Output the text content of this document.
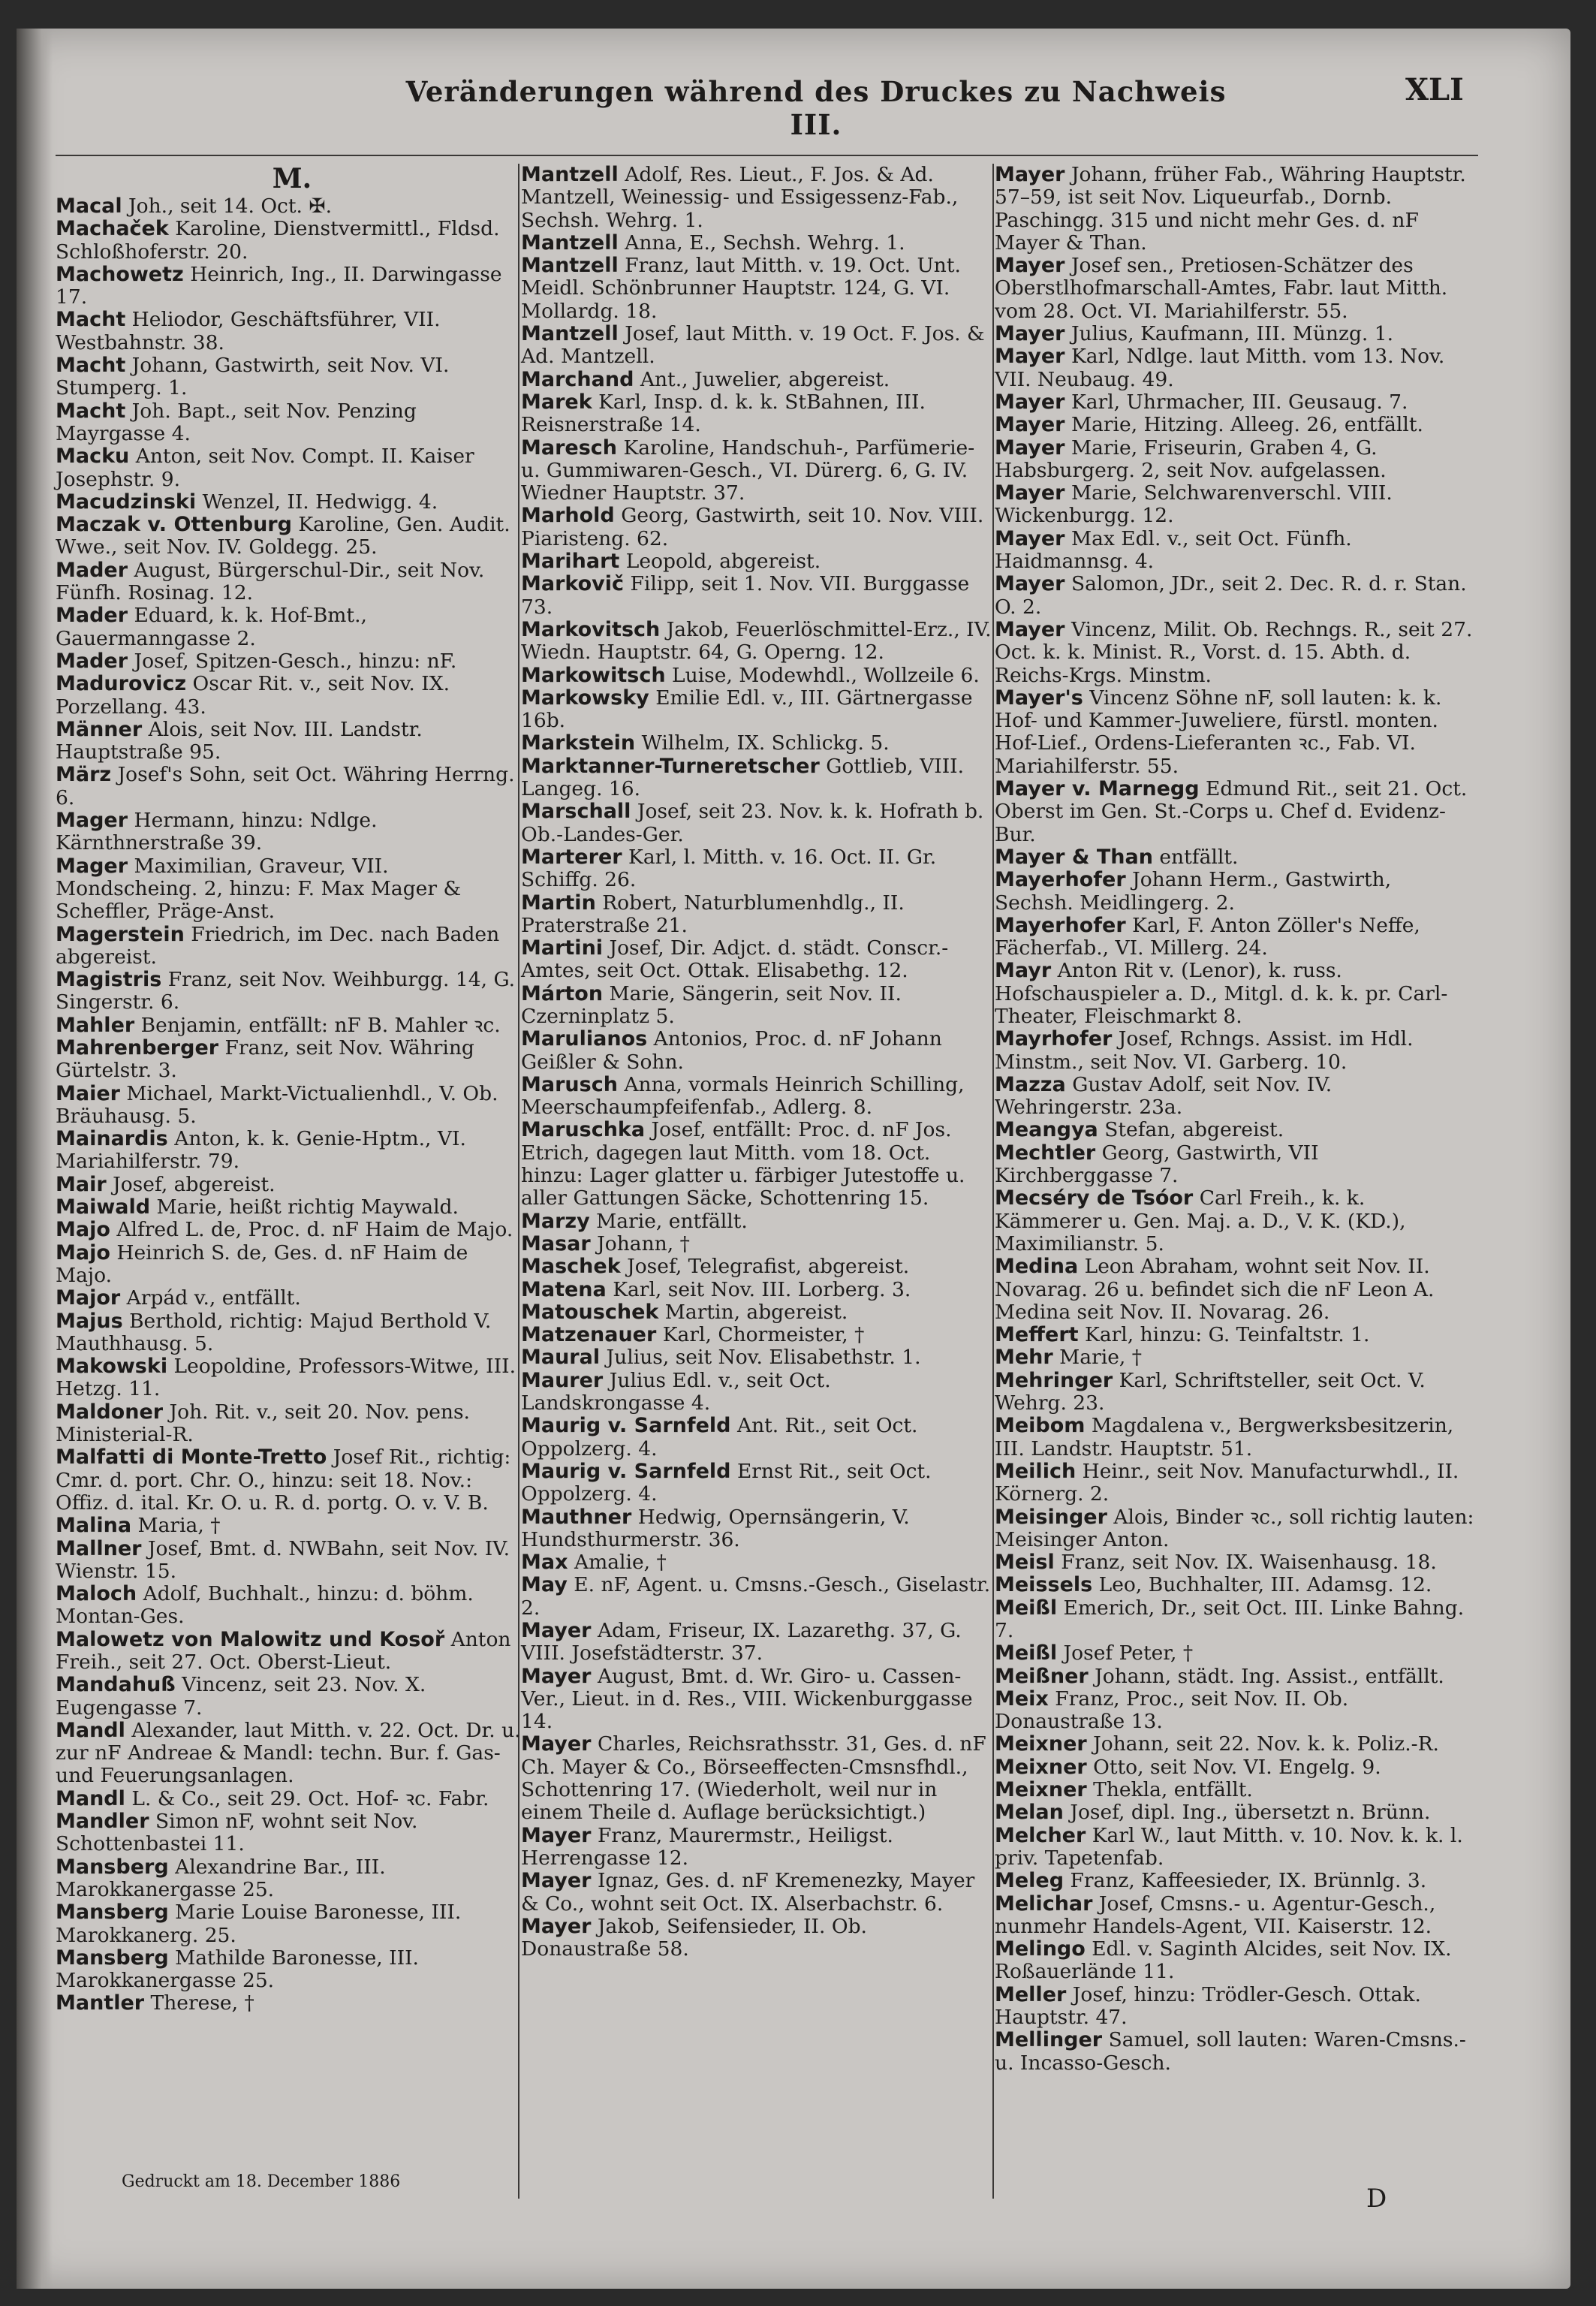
Veränderungen während des Druckes zu Nachweis III.
XLI
M.

Macal Joh., seit 14. Oct. ✠.

Machaček Karoline, Dienstvermittl., Fldsd. Schloßhoferstr. 20.

Machowetz Heinrich, Ing., II. Darwingasse 17.

Macht Heliodor, Geschäftsführer, VII. Westbahnstr. 38.

Macht Johann, Gastwirth, seit Nov. VI. Stumperg. 1.

Macht Joh. Bapt., seit Nov. Penzing Mayrgasse 4.

Macku Anton, seit Nov. Compt. II. Kaiser Josephstr. 9.

Macudzinski Wenzel, II. Hedwigg. 4.

Maczak v. Ottenburg Karoline, Gen. Audit. Wwe., seit Nov. IV. Goldegg. 25.

Mader August, Bürgerschul-Dir., seit Nov. Fünfh. Rosinag. 12.

Mader Eduard, k. k. Hof-Bmt., Gauermanngasse 2.

Mader Josef, Spitzen-Gesch., hinzu: nF.

Madurovicz Oscar Rit. v., seit Nov. IX. Porzellang. 43.

Männer Alois, seit Nov. III. Landstr. Hauptstraße 95.

März Josef's Sohn, seit Oct. Währing Herrng. 6.

Mager Hermann, hinzu: Ndlge. Kärnthnerstraße 39.

Mager Maximilian, Graveur, VII. Mondscheing. 2, hinzu: F. Max Mager & Scheffler, Präge-Anst.

Magerstein Friedrich, im Dec. nach Baden abgereist.

Magistris Franz, seit Nov. Weihburgg. 14, G. Singerstr. 6.

Mahler Benjamin, entfällt: nF B. Mahler ꝛc.

Mahrenberger Franz, seit Nov. Währing Gürtelstr. 3.

Maier Michael, Markt-Victualienhdl., V. Ob. Bräuhausg. 5.

Mainardis Anton, k. k. Genie-Hptm., VI. Mariahilferstr. 79.

Mair Josef, abgereist.

Maiwald Marie, heißt richtig Maywald.

Majo Alfred L. de, Proc. d. nF Haim de Majo.

Majo Heinrich S. de, Ges. d. nF Haim de Majo.

Major Arpád v., entfällt.

Majus Berthold, richtig: Majud Berthold V. Mauthhausg. 5.

Makowski Leopoldine, Professors-Witwe, III. Hetzg. 11.

Maldoner Joh. Rit. v., seit 20. Nov. pens. Ministerial-R.

Malfatti di Monte-Tretto Josef Rit., richtig: Cmr. d. port. Chr. O., hinzu: seit 18. Nov.: Offiz. d. ital. Kr. O. u. R. d. portg. O. v. V. B.

Malina Maria, †

Mallner Josef, Bmt. d. NWBahn, seit Nov. IV. Wienstr. 15.

Maloch Adolf, Buchhalt., hinzu: d. böhm. Montan-Ges.

Malowetz von Malowitz und Kosoř Anton Freih., seit 27. Oct. Oberst-Lieut.

Mandahuß Vincenz, seit 23. Nov. X. Eugengasse 7.

Mandl Alexander, laut Mitth. v. 22. Oct. Dr. u. zur nF Andreae & Mandl: techn. Bur. f. Gas- und Feuerungsanlagen.

Mandl L. & Co., seit 29. Oct. Hof- ꝛc. Fabr.

Mandler Simon nF, wohnt seit Nov. Schottenbastei 11.

Mansberg Alexandrine Bar., III. Marokkanergasse 25.

Mansberg Marie Louise Baronesse, III. Marokkanerg. 25.

Mansberg Mathilde Baronesse, III. Marokkanergasse 25.

Mantler Therese, †

Mantzell Adolf, Res. Lieut., F. Jos. & Ad. Mantzell, Weinessig- und Essigessenz-Fab., Sechsh. Wehrg. 1.

Mantzell Anna, E., Sechsh. Wehrg. 1.

Mantzell Franz, laut Mitth. v. 19. Oct. Unt. Meidl. Schönbrunner Hauptstr. 124, G. VI. Mollardg. 18.

Mantzell Josef, laut Mitth. v. 19 Oct. F. Jos. & Ad. Mantzell.

Marchand Ant., Juwelier, abgereist.

Marek Karl, Insp. d. k. k. StBahnen, III. Reisnerstraße 14.

Maresch Karoline, Handschuh-, Parfümerie- u. Gummiwaren-Gesch., VI. Dürerg. 6, G. IV. Wiedner Hauptstr. 37.

Marhold Georg, Gastwirth, seit 10. Nov. VIII. Piaristeng. 62.

Marihart Leopold, abgereist.

Markovič Filipp, seit 1. Nov. VII. Burggasse 73.

Markovitsch Jakob, Feuerlöschmittel-Erz., IV. Wiedn. Hauptstr. 64, G. Operng. 12.

Markowitsch Luise, Modewhdl., Wollzeile 6.

Markowsky Emilie Edl. v., III. Gärtnergasse 16b.

Markstein Wilhelm, IX. Schlickg. 5.

Marktanner-Turneretscher Gottlieb, VIII. Langeg. 16.

Marschall Josef, seit 23. Nov. k. k. Hofrath b. Ob.-Landes-Ger.

Marterer Karl, l. Mitth. v. 16. Oct. II. Gr. Schiffg. 26.

Martin Robert, Naturblumenhdlg., II. Praterstraße 21.

Martini Josef, Dir. Adjct. d. städt. Conscr.-Amtes, seit Oct. Ottak. Elisabethg. 12.

Márton Marie, Sängerin, seit Nov. II. Czerninplatz 5.

Marulianos Antonios, Proc. d. nF Johann Geißler & Sohn.

Marusch Anna, vormals Heinrich Schilling, Meerschaumpfeifenfab., Adlerg. 8.

Maruschka Josef, entfällt: Proc. d. nF Jos. Etrich, dagegen laut Mitth. vom 18. Oct. hinzu: Lager glatter u. färbiger Jutestoffe u. aller Gattungen Säcke, Schottenring 15.

Marzy Marie, entfällt.

Masar Johann, †

Maschek Josef, Telegrafist, abgereist.

Matena Karl, seit Nov. III. Lorberg. 3.

Matouschek Martin, abgereist.

Matzenauer Karl, Chormeister, †

Maural Julius, seit Nov. Elisabethstr. 1.

Maurer Julius Edl. v., seit Oct. Landskrongasse 4.

Maurig v. Sarnfeld Ant. Rit., seit Oct. Oppolzerg. 4.

Maurig v. Sarnfeld Ernst Rit., seit Oct. Oppolzerg. 4.

Mauthner Hedwig, Opernsängerin, V. Hundsthurmerstr. 36.

Max Amalie, †

May E. nF, Agent. u. Cmsns.-Gesch., Giselastr. 2.

Mayer Adam, Friseur, IX. Lazarethg. 37, G. VIII. Josefstädterstr. 37.

Mayer August, Bmt. d. Wr. Giro- u. Cassen-Ver., Lieut. in d. Res., VIII. Wickenburggasse 14.

Mayer Charles, Reichsrathsstr. 31, Ges. d. nF Ch. Mayer & Co., Börseeffecten-Cmsnsfhdl., Schottenring 17. (Wiederholt, weil nur in einem Theile d. Auflage berücksichtigt.)

Mayer Franz, Maurermstr., Heiligst. Herrengasse 12.

Mayer Ignaz, Ges. d. nF Kremenezky, Mayer & Co., wohnt seit Oct. IX. Alserbachstr. 6.

Mayer Jakob, Seifensieder, II. Ob. Donaustraße 58.

Mayer Johann, früher Fab., Währing Hauptstr. 57–59, ist seit Nov. Liqueurfab., Dornb. Paschingg. 315 und nicht mehr Ges. d. nF Mayer & Than.

Mayer Josef sen., Pretiosen-Schätzer des Oberstlhofmarschall-Amtes, Fabr. laut Mitth. vom 28. Oct. VI. Mariahilferstr. 55.

Mayer Julius, Kaufmann, III. Münzg. 1.

Mayer Karl, Ndlge. laut Mitth. vom 13. Nov. VII. Neubaug. 49.

Mayer Karl, Uhrmacher, III. Geusaug. 7.

Mayer Marie, Hitzing. Alleeg. 26, entfällt.

Mayer Marie, Friseurin, Graben 4, G. Habsburgerg. 2, seit Nov. aufgelassen.

Mayer Marie, Selchwarenverschl. VIII. Wickenburgg. 12.

Mayer Max Edl. v., seit Oct. Fünfh. Haidmannsg. 4.

Mayer Salomon, JDr., seit 2. Dec. R. d. r. Stan. O. 2.

Mayer Vincenz, Milit. Ob. Rechngs. R., seit 27. Oct. k. k. Minist. R., Vorst. d. 15. Abth. d. Reichs-Krgs. Minstm.

Mayer's Vincenz Söhne nF, soll lauten: k. k. Hof- und Kammer-Juweliere, fürstl. monten. Hof-Lief., Ordens-Lieferanten ꝛc., Fab. VI. Mariahilferstr. 55.

Mayer v. Marnegg Edmund Rit., seit 21. Oct. Oberst im Gen. St.-Corps u. Chef d. Evidenz-Bur.

Mayer & Than entfällt.

Mayerhofer Johann Herm., Gastwirth, Sechsh. Meidlingerg. 2.

Mayerhofer Karl, F. Anton Zöller's Neffe, Fächerfab., VI. Millerg. 24.

Mayr Anton Rit v. (Lenor), k. russ. Hofschauspieler a. D., Mitgl. d. k. k. pr. Carl-Theater, Fleischmarkt 8.

Mayrhofer Josef, Rchngs. Assist. im Hdl. Minstm., seit Nov. VI. Garberg. 10.

Mazza Gustav Adolf, seit Nov. IV. Wehringerstr. 23a.

Meangya Stefan, abgereist.

Mechtler Georg, Gastwirth, VII Kirchberggasse 7.

Mecséry de Tsóor Carl Freih., k. k. Kämmerer u. Gen. Maj. a. D., V. K. (KD.), Maximilianstr. 5.

Medina Leon Abraham, wohnt seit Nov. II. Novarag. 26 u. befindet sich die nF Leon A. Medina seit Nov. II. Novarag. 26.

Meffert Karl, hinzu: G. Teinfaltstr. 1.

Mehr Marie, †

Mehringer Karl, Schriftsteller, seit Oct. V. Wehrg. 23.

Meibom Magdalena v., Bergwerksbesitzerin, III. Landstr. Hauptstr. 51.

Meilich Heinr., seit Nov. Manufacturwhdl., II. Körnerg. 2.

Meisinger Alois, Binder ꝛc., soll richtig lauten: Meisinger Anton.

Meisl Franz, seit Nov. IX. Waisenhausg. 18.

Meissels Leo, Buchhalter, III. Adamsg. 12.

Meißl Emerich, Dr., seit Oct. III. Linke Bahng. 7.

Meißl Josef Peter, †

Meißner Johann, städt. Ing. Assist., entfällt.

Meix Franz, Proc., seit Nov. II. Ob. Donaustraße 13.

Meixner Johann, seit 22. Nov. k. k. Poliz.-R.

Meixner Otto, seit Nov. VI. Engelg. 9.

Meixner Thekla, entfällt.

Melan Josef, dipl. Ing., übersetzt n. Brünn.

Melcher Karl W., laut Mitth. v. 10. Nov. k. k. l. priv. Tapetenfab.

Meleg Franz, Kaffeesieder, IX. Brünnlg. 3.

Melichar Josef, Cmsns.- u. Agentur-Gesch., nunmehr Handels-Agent, VII. Kaiserstr. 12.

Melingo Edl. v. Saginth Alcides, seit Nov. IX. Roßauerlände 11.

Meller Josef, hinzu: Trödler-Gesch. Ottak. Hauptstr. 47.

Mellinger Samuel, soll lauten: Waren-Cmsns.- u. Incasso-Gesch.

Gedruckt am 18. December 1886
D
